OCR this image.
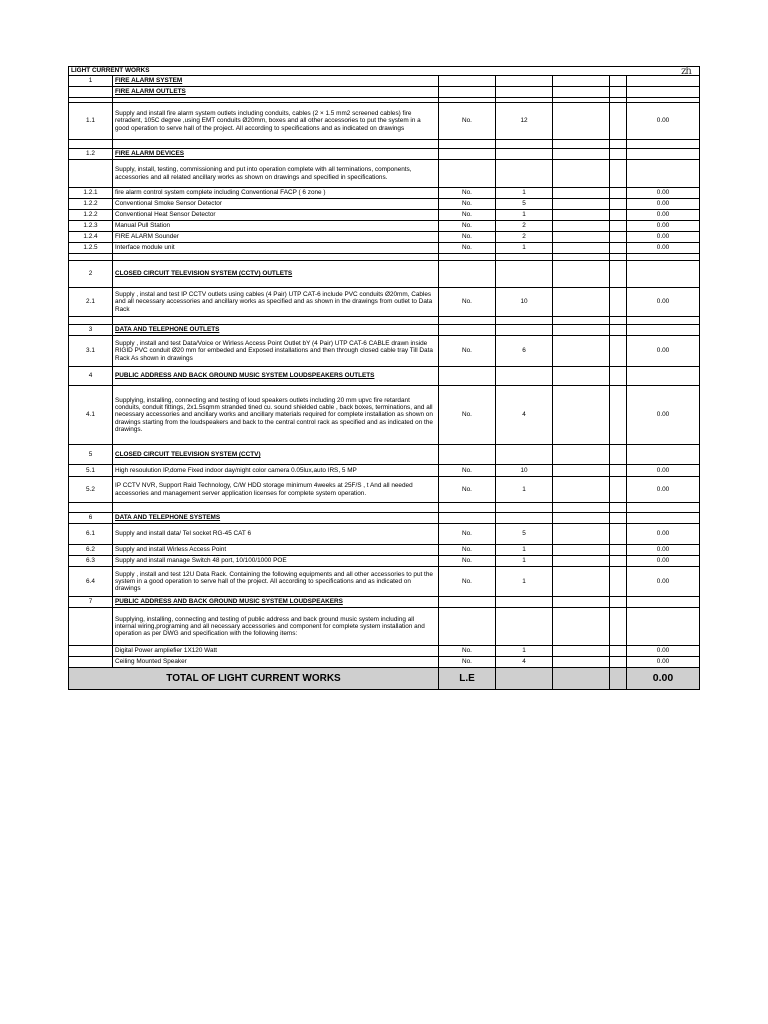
zh
LIGHT CURRENT WORKS						
1	FIRE ALARM SYSTEM					
	FIRE ALARM OUTLETS					

1.1	Supply and install fire alarm system outlets including conduits, cables (2 × 1.5 mm2 screened cables) fire retradent, 105C degree ,using EMT conduits Ø20mm, boxes and all other accessories to put the system in a good operation to serve hall of the project. All according to specifications and as indicated on drawings	No.	12			0.00

1.2	FIRE ALARM DEVICES					
	Supply, install, testing, commissioning and put into operation complete with all terminations, components, accessories and all related ancillary works as shown on drawings and specified in specifications.					
1.2.1	fire alarm control system complete including Conventional FACP ( 6 zone )	No.	1			0.00
1.2.2	Conventional Smoke Sensor Detector	No.	5			0.00
1.2.2	Conventional Heat Sensor Detector	No.	1			0.00
1.2.3	Manual Pull Station	No.	2			0.00
1.2.4	FIRE ALARM Sounder	No.	2			0.00
1.2.5	Interface module unit	No.	1			0.00

2	CLOSED CIRCUIT TELEVISION SYSTEM (CCTV) OUTLETS					
2.1	Supply , instal and test IP CCTV outlets using cables (4 Pair) UTP CAT-6 include PVC conduits Ø20mm, Cables and all necessary accessories and ancillary works as specified and as shown in the drawings from outlet to Data Rack	No.	10			0.00

3	DATA AND TELEPHONE OUTLETS					
3.1	Supply , install and test Data/Voice or Wirless Access Point Outlet bY (4 Pair) UTP CAT-6 CABLE drawn inside RIGID PVC conduit Ø20 mm for embeded and Exposed installations and then through closed cable tray Till Data Rack As shown in drawings	No.	6			0.00
4	PUBLIC ADDRESS AND BACK GROUND MUSIC SYSTEM LOUDSPEAKERS OUTLETS					
4.1	Supplying, installing, connecting and testing of loud speakers outlets including 20 mm upvc fire retardant conduits, conduit fittings, 2x1.5sqmm stranded tined cu. sound shielded cable , back boxes, terminations, and all necessary accessories and ancillary works and ancillary materials required for complete installation as shown on drawings starting from the loudspeakers and back to the central control rack as specified and as indicated on the drawings.	No.	4			0.00
5	CLOSED CIRCUIT TELEVISION SYSTEM (CCTV)					
5.1	High resoulution IP,dome Fixed indoor day/night color camera 0.05lux,auto IRS, 5 MP	No.	10			0.00
5.2	IP CCTV NVR, Support Raid Technology, C/W HDD storage minimum 4weeks at 25F/S , t And all needed accessories and management server application licenses for complete system operation.	No.	1			0.00

6	DATA AND TELEPHONE SYSTEMS					
6.1	Supply and install data/ Tel socket RG-45 CAT 6	No.	5			0.00
6.2	Supply and install Wirless Access Point	No.	1			0.00
6.3	Supply and install manage Switch 48 port, 10/100/1000 POE	No.	1			0.00
6.4	Supply , install and test 12U Data Rack. Containing the following equipments and all other accessories to put the system in a good operation to serve hall of the project. All according to specifications and as indicated on drawings	No.	1			0.00
7	PUBLIC ADDRESS AND BACK GROUND MUSIC SYSTEM LOUDSPEAKERS					
	Supplying, installing, connecting and testing of public address and back ground music system including all internal wiring,programing and all necessary accessories and component for complete system installation and operation as per DWG and specification with the following items:					
	Digital Power ampliefier 1X120 Watt	No.	1			0.00
	Ceiling Mounted Speaker	No.	4			0.00
TOTAL OF LIGHT CURRENT WORKS		L.E				0.00
